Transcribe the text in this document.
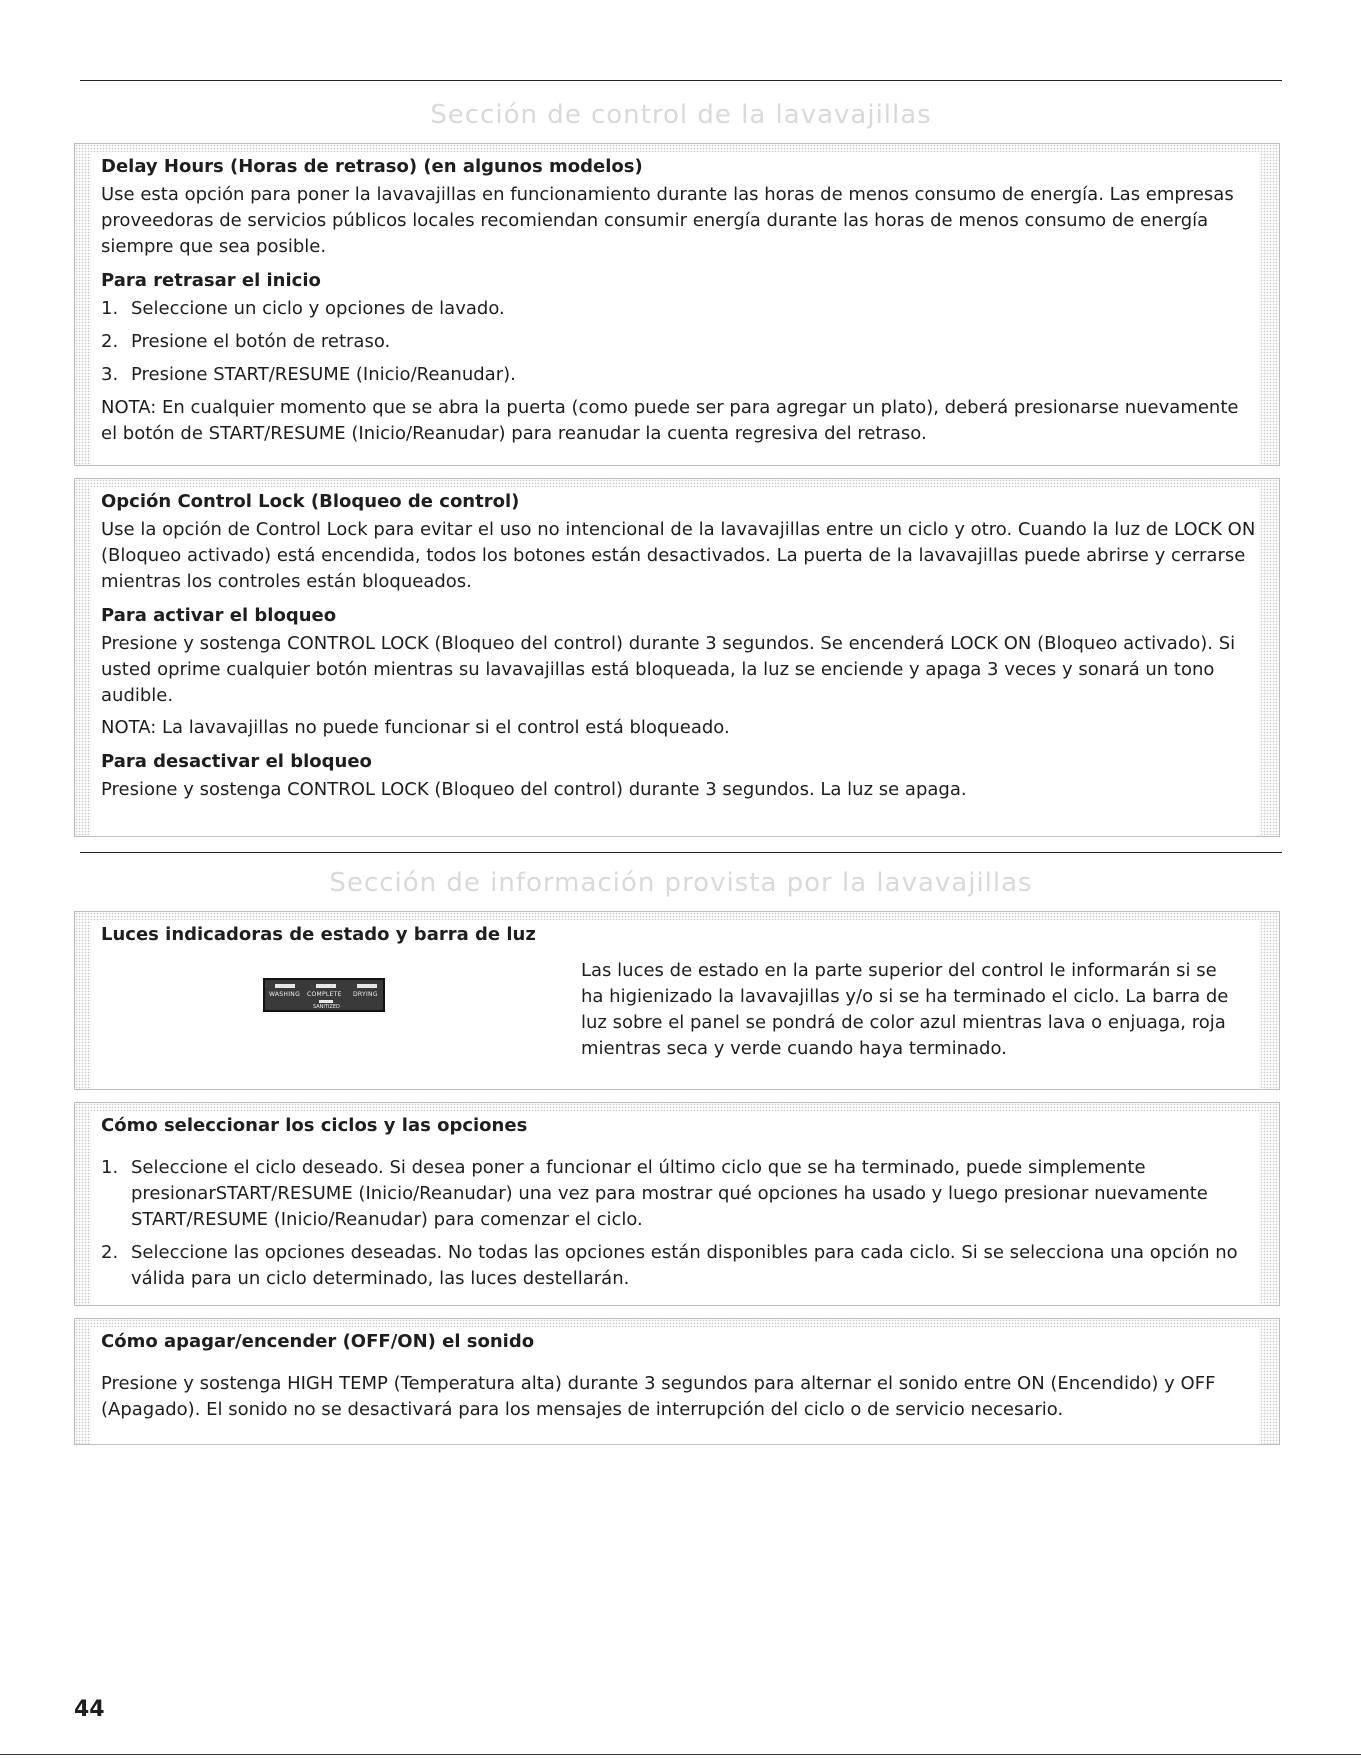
Sección de control de la lavavajillas

Delay Hours (Horas de retraso) (en algunos modelos)

Use esta opción para poner la lavavajillas en funcionamiento durante las horas de menos consumo de energía. Las empresas proveedoras de servicios públicos locales recomiendan consumir energía durante las horas de menos consumo de energía siempre que sea posible.

Para retrasar el inicio

1. Seleccione un ciclo y opciones de lavado.
2. Presione el botón de retraso.
3. Presione START/RESUME (Inicio/Reanudar).

NOTA: En cualquier momento que se abra la puerta (como puede ser para agregar un plato), deberá presionarse nuevamente el botón de START/RESUME (Inicio/Reanudar) para reanudar la cuenta regresiva del retraso.

Opción Control Lock (Bloqueo de control)

Use la opción de Control Lock para evitar el uso no intencional de la lavavajillas entre un ciclo y otro. Cuando la luz de LOCK ON (Bloqueo activado) está encendida, todos los botones están desactivados. La puerta de la lavavajillas puede abrirse y cerrarse mientras los controles están bloqueados.

Para activar el bloqueo

Presione y sostenga CONTROL LOCK (Bloqueo del control) durante 3 segundos. Se encenderá LOCK ON (Bloqueo activado). Si usted oprime cualquier botón mientras su lavavajillas está bloqueada, la luz se enciende y apaga 3 veces y sonará un tono audible.

NOTA: La lavavajillas no puede funcionar si el control está bloqueado.

Para desactivar el bloqueo

Presione y sostenga CONTROL LOCK (Bloqueo del control) durante 3 segundos. La luz se apaga.

Sección de información provista por la lavavajillas

Luces indicadoras de estado y barra de luz

WASHING COMPLETE DRYING
SANITIZED

Las luces de estado en la parte superior del control le informarán si se ha higienizado la lavavajillas y/o si se ha terminado el ciclo. La barra de luz sobre el panel se pondrá de color azul mientras lava o enjuaga, roja mientras seca y verde cuando haya terminado.

Cómo seleccionar los ciclos y las opciones

1. Seleccione el ciclo deseado. Si desea poner a funcionar el último ciclo que se ha terminado, puede simplemente presionarSTART/RESUME (Inicio/Reanudar) una vez para mostrar qué opciones ha usado y luego presionar nuevamente START/RESUME (Inicio/Reanudar) para comenzar el ciclo.
2. Seleccione las opciones deseadas. No todas las opciones están disponibles para cada ciclo. Si se selecciona una opción no válida para un ciclo determinado, las luces destellarán.

Cómo apagar/encender (OFF/ON) el sonido

Presione y sostenga HIGH TEMP (Temperatura alta) durante 3 segundos para alternar el sonido entre ON (Encendido) y OFF (Apagado). El sonido no se desactivará para los mensajes de interrupción del ciclo o de servicio necesario.

44
